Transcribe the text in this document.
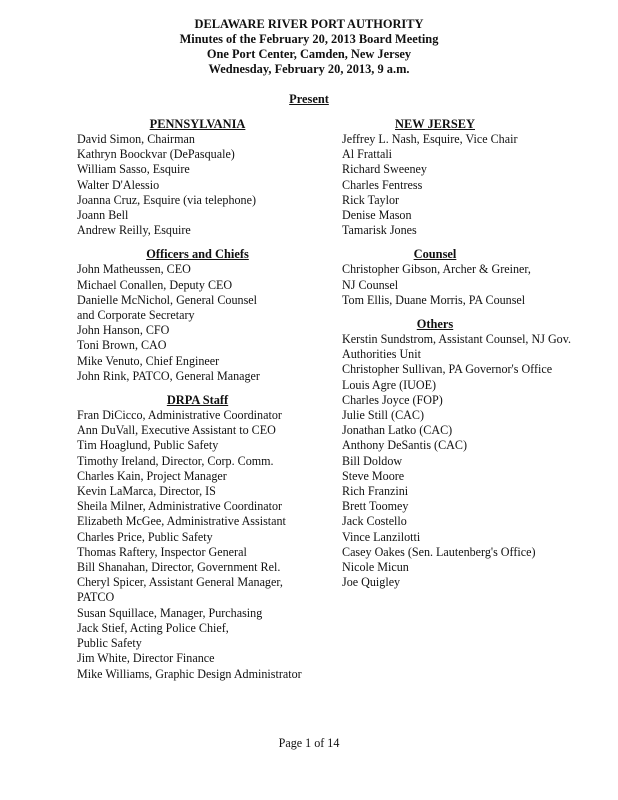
DELAWARE RIVER PORT AUTHORITY
Minutes of the February 20, 2013 Board Meeting
One Port Center, Camden, New Jersey
Wednesday, February 20, 2013, 9 a.m.
Present
PENNSYLVANIA
David Simon, Chairman
Kathryn Boockvar (DePasquale)
William Sasso, Esquire
Walter D'Alessio
Joanna Cruz, Esquire (via telephone)
Joann Bell
Andrew Reilly, Esquire
Officers and Chiefs
John Matheussen, CEO
Michael Conallen, Deputy CEO
Danielle McNichol, General Counsel
and Corporate Secretary
John Hanson, CFO
Toni Brown, CAO
Mike Venuto, Chief Engineer
John Rink, PATCO, General Manager
DRPA Staff
Fran DiCicco, Administrative Coordinator
Ann DuVall, Executive Assistant to CEO
Tim Hoaglund, Public Safety
Timothy Ireland, Director, Corp. Comm.
Charles Kain, Project Manager
Kevin LaMarca, Director, IS
Sheila Milner, Administrative Coordinator
Elizabeth McGee, Administrative Assistant
Charles Price, Public Safety
Thomas Raftery, Inspector General
Bill Shanahan, Director, Government Rel.
Cheryl Spicer, Assistant General Manager,
PATCO
Susan Squillace, Manager, Purchasing
Jack Stief, Acting Police Chief,
Public Safety
Jim White, Director Finance
Mike Williams, Graphic Design Administrator
NEW JERSEY
Jeffrey L. Nash, Esquire, Vice Chair
Al Frattali
Richard Sweeney
Charles Fentress
Rick Taylor
Denise Mason
Tamarisk Jones
Counsel
Christopher Gibson, Archer & Greiner,
NJ Counsel
Tom Ellis, Duane Morris, PA Counsel
Others
Kerstin Sundstrom, Assistant Counsel, NJ Gov.
Authorities Unit
Christopher Sullivan, PA Governor's Office
Louis Agre (IUOE)
Charles Joyce (FOP)
Julie Still (CAC)
Jonathan Latko (CAC)
Anthony DeSantis (CAC)
Bill Doldow
Steve Moore
Rich Franzini
Brett Toomey
Jack Costello
Vince Lanzilotti
Casey Oakes (Sen. Lautenberg's Office)
Nicole Micun
Joe Quigley
Page 1 of 14
